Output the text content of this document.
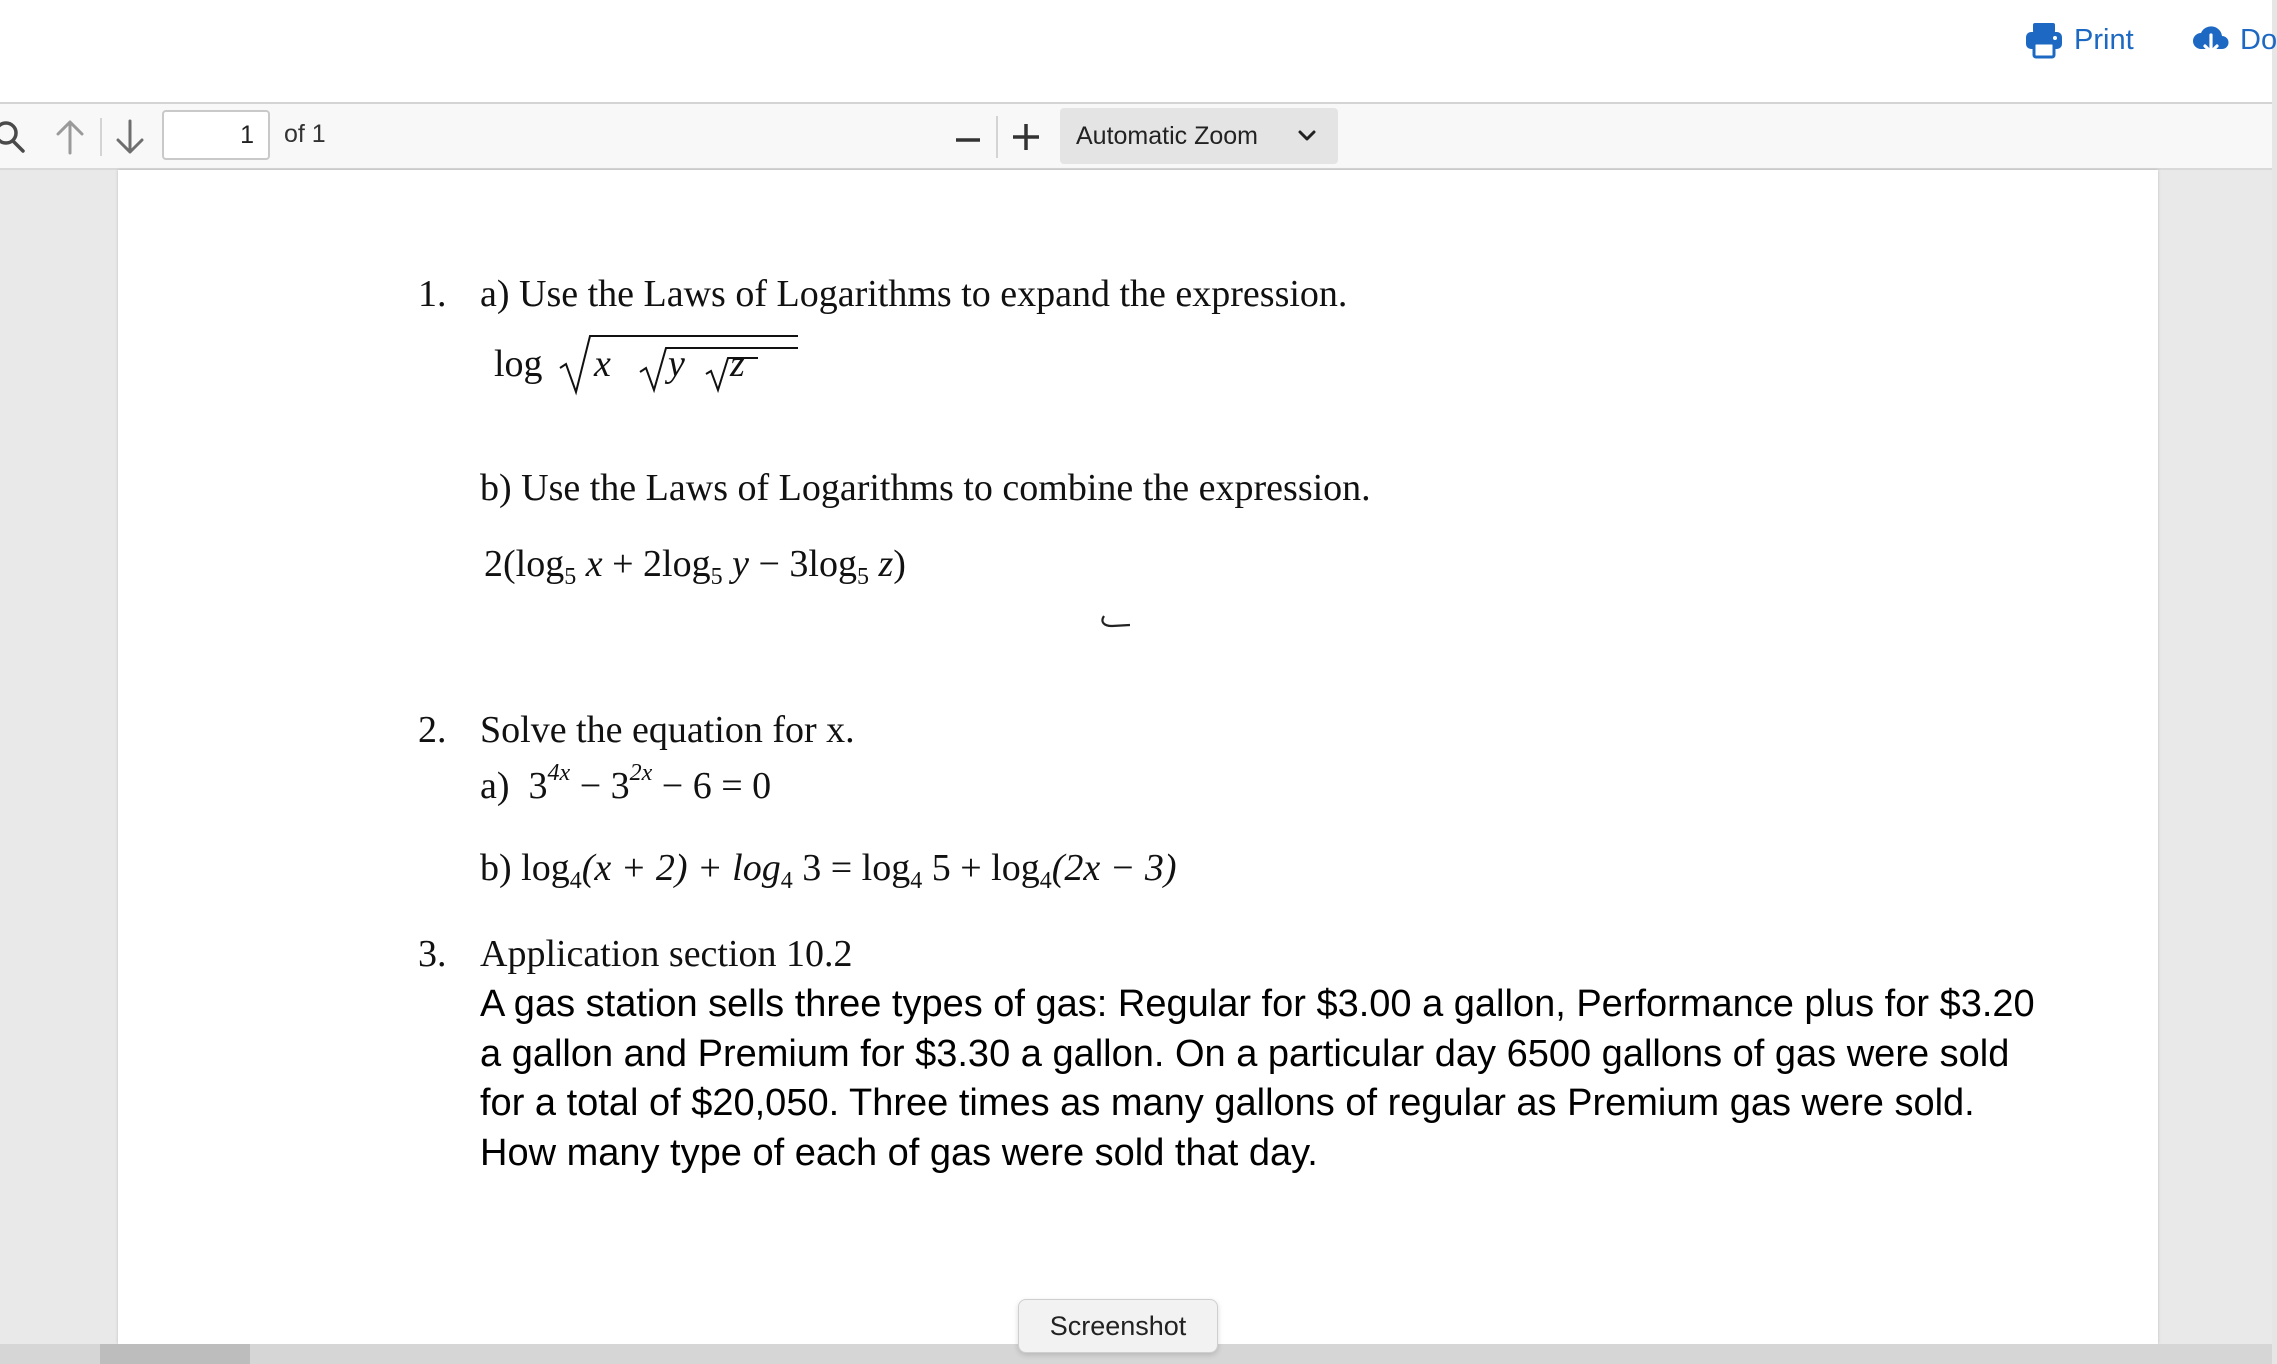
Print	Do
1
of 1	Automatic Zoom
1. a) Use the Laws of Logarithms to expand the expression.
log x y z
b) Use the Laws of Logarithms to combine the expression.
$2(\log_5$ $x + 2\log_5$ $y - 3\log_5$ z)
2. Solve the equation for x.
a) $3^{4x} - 3^{2x} - 6 = 0$
b) $\log_4(x + 2) + \log_4 3 = \log_4 5 + \log_4(2x - 3)$
3. Application section 10.2
A gas station sells three types of gas: Regular for $3.00 a gallon, Performance plus for $3.20 a gallon and Premium for $3.30 a gallon. On a particular day 6500 gallons of gas were sold for a total of $20,050. Three times as many gallons of regular as Premium gas were sold. How many type of each of gas were sold that day.
Screenshot
